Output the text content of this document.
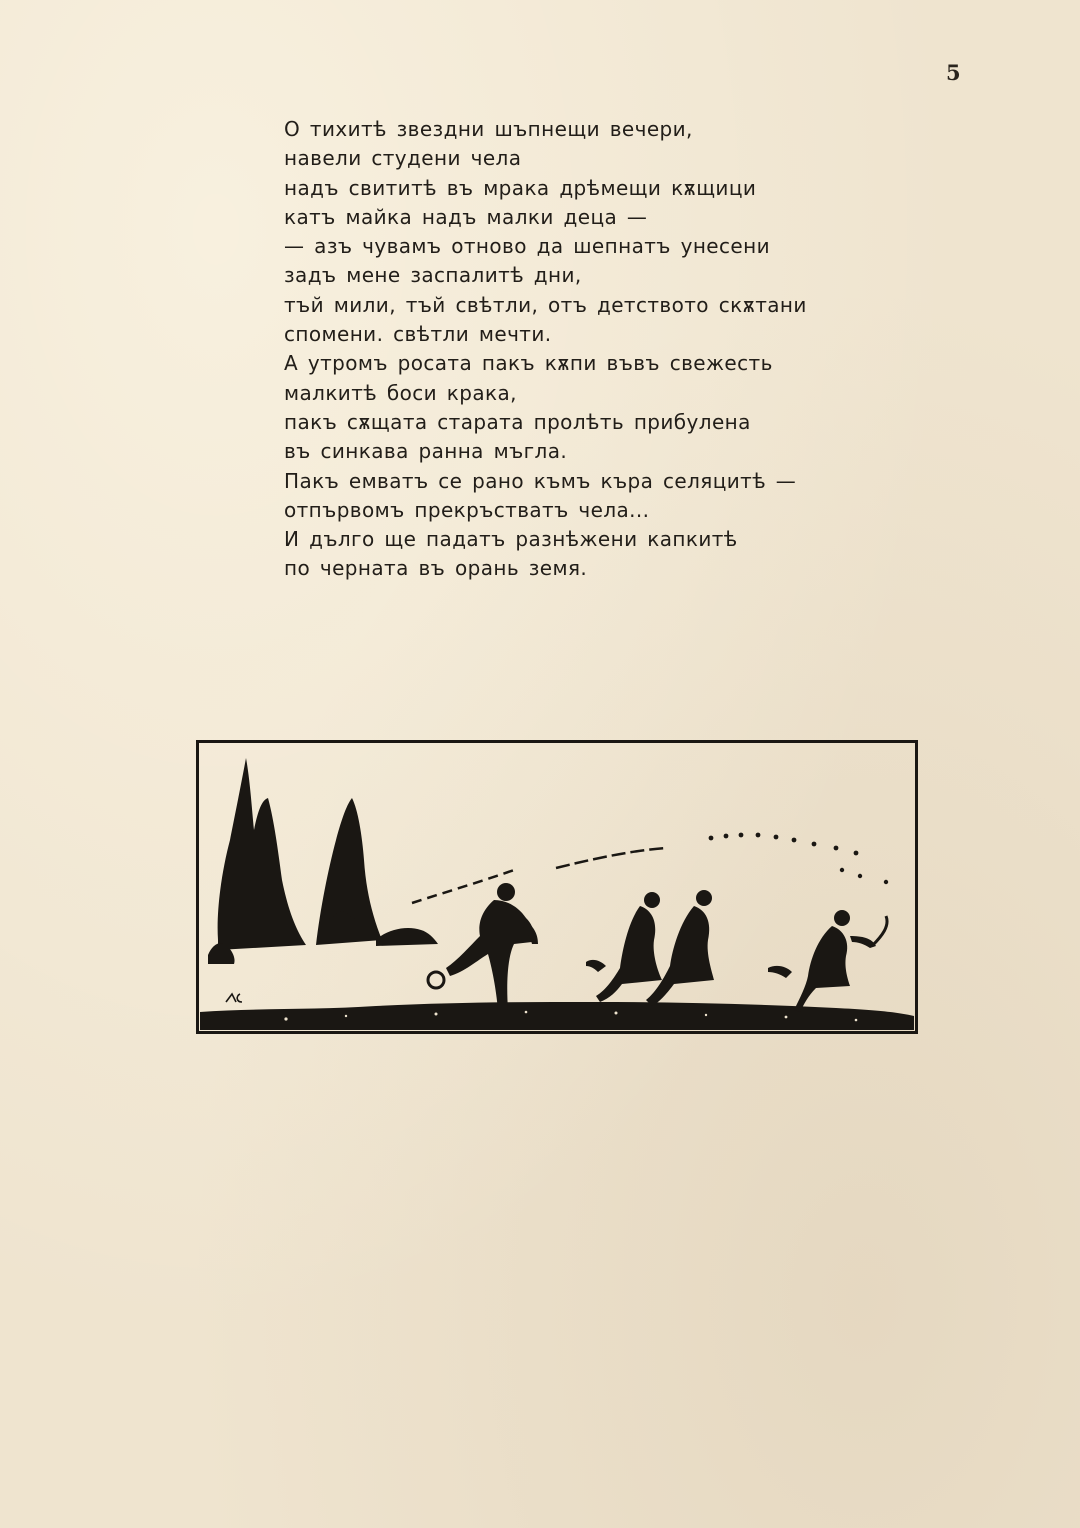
5
О тихитѣ звездни шъпнещи вечери,
навели студени чела
надъ свититѣ въ мрака дрѣмещи кѫщици
катъ майка надъ малки деца —
— азъ чувамъ отново да шепнатъ унесени
задъ мене заспалитѣ дни,
тъй мили, тъй свѣтли, отъ детството скѫтани
спомени. свѣтли мечти.
А утромъ росата пакъ кѫпи въвъ свежесть
малкитѣ боси крака,
пакъ сѫщата старата пролѣть прибулена
въ синкава ранна мъгла.
Пакъ емватъ се рано къмъ къра селяцитѣ —
отпървомъ прекръстватъ чела...
И дълго ще падатъ разнѣжени капкитѣ
по черната въ орань земя.
